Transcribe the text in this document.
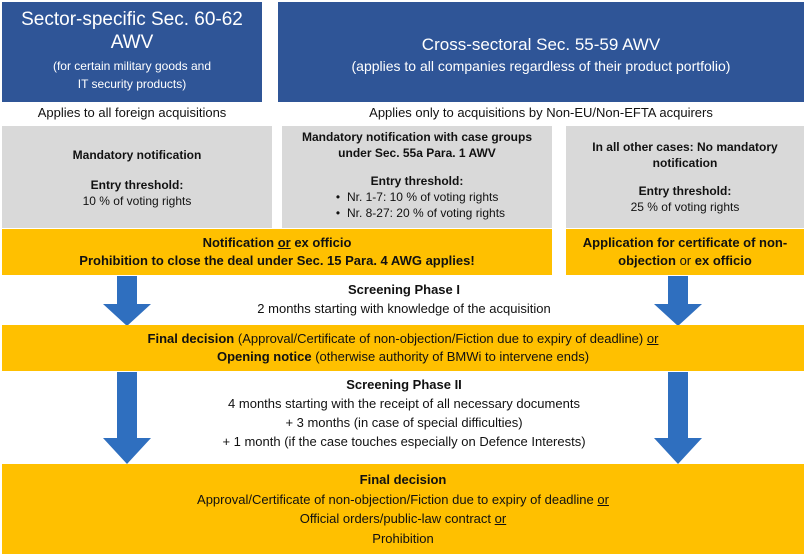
Sector-specific Sec. 60-62
AWV
(for certain military goods and
IT security products)
Cross-sectoral Sec. 55-59 AWV
(applies to all companies regardless of their product portfolio)
Applies to all foreign acquisitions	Applies only to acquisitions by Non-EU/Non-EFTA acquirers
Mandatory notification
Entry threshold:
10 % of voting rights
Mandatory notification with case groups
under Sec. 55a Para. 1 AWV
Entry threshold:
• Nr. 1-7: 10 % of voting rights
• Nr. 8-27: 20 % of voting rights
In all other cases: No mandatory
notification
Entry threshold:
25 % of voting rights
Notification or ex officio
Prohibition to close the deal under Sec. 15 Para. 4 AWG applies!
Application for certificate of non-
objection or ex officio
Screening Phase I
2 months starting with knowledge of the acquisition
Final decision (Approval/Certificate of non-objection/Fiction due to expiry of deadline) or
Opening notice (otherwise authority of BMWi to intervene ends)
Screening Phase II
4 months starting with the receipt of all necessary documents
+ 3 months (in case of special difficulties)
+ 1 month (if the case touches especially on Defence Interests)
Final decision
Approval/Certificate of non-objection/Fiction due to expiry of deadline or
Official orders/public-law contract or
Prohibition
